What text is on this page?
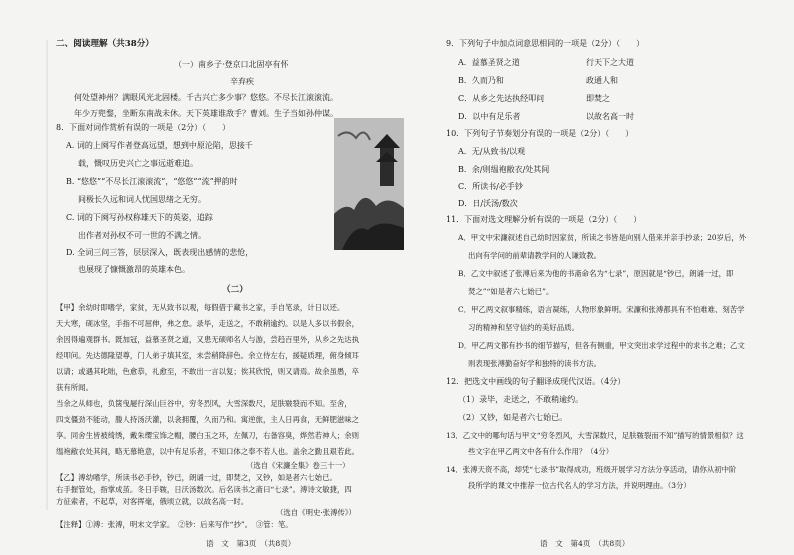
二、阅读理解（共38分）
（一）南乡子·登京口北固亭有怀
辛弃疾
何处望神州？满眼风光北固楼。千古兴亡多少事？悠悠。不尽长江滚滚流。
年少万兜鍪，坐断东南战未休。天下英雄谁敌手？曹刘。生子当如孙仲谋。
8．下面对词作赏析有误的一项是（2分）（　　）
A. 词的上阕写作者登高远望，想到中原沦陷，思接千
载，慨叹历史兴亡之事远逝难追。
B. “悠悠”“不尽长江滚滚流”，“悠悠”“流”押韵时
间极长久远和词人忧国思绪之无穷。
C. 词的下阕写孙权称雄天下的英姿，追踪
出作者对孙权不可一世的不满之情。
D. 全词三问三答，层层深入，既表现出感情的悲怆，
也展现了慷慨激昂的英雄本色。
（二）
【甲】余幼时即嗜学，家贫，无从致书以观，每假借于藏书之家，手自笔录，计日以还。
天大寒，砚冰坚，手指不可屈伸，弗之怠。录毕，走送之，不敢稍逾约。以是人多以书假余，
余因得遍观群书。既加冠，益慕圣贤之道，又患无硕师名人与游，尝趋百里外，从乡之先达执
经叩问。先达德隆望尊，门人弟子填其室，未尝稍降辞色。余立侍左右，援疑质理，俯身倾耳
以请；或遇其叱咄，色愈恭，礼愈至，不敢出一言以复；俟其欣悦，则又请焉。故余虽愚，卒
获有所闻。
当余之从师也，负箧曳屣行深山巨谷中，穷冬烈风，大雪深数尺，足肤皲裂而不知。至舍，
四支僵劲不能动，媵人持汤沃灌，以衾拥覆，久而乃和。寓逆旅，主人日再食，无鲜肥滋味之
享。同舍生皆被绮绣，戴朱缨宝饰之帽，腰白玉之环，左佩刀，右备容臭，烨然若神人；余则
缊袍敝衣处其间，略无慕艳意，以中有足乐者，不知口体之奉不若人也。盖余之勤且艰若此。
（选自《宋濂全集》卷三十一）
【乙】溥幼嗜学，所读书必手钞，钞已，朗诵一过，即焚之，又钞，如是者六七始已。
右手握管处，指掌成茧。冬日手皲，日沃汤数次。后名读书之斋曰“七录”。溥诗文敏捷，四
方征索者，不起草，对客挥毫，俄顷立就，以故名高一时。
（选自《明史·张溥传》）
【注释】①溥：张溥，明末文学家。　②钞：后来写作“抄”。　③管：笔。
语　文　第3页　（共8页）
9．下列句子中加点词意思相同的一项是（2分）（　　）
A．益慕圣贤之道	行天下之大道
B．久而乃和	政通人和
C．从乡之先达执经叩问	即焚之
D．以中有足乐者	以故名高一时
10．下列句子节奏划分有误的一项是（2分）（　　）
A．无/从致书/以观
B．余/则缊袍敝衣/处其间
C．所读书/必手钞
D．日/沃汤/数次
11．下面对选文理解分析有误的一项是（2分）（　　）
A．甲文中宋濂叙述自己幼时因家贫，所读之书皆是向别人借来并亲手抄录；20岁后，外
出向有学问的前辈请教学问的人谦致教。
B．乙文中叙述了张溥后来为他的书斋命名为“七录”，原因就是“钞已，朗诵一过，即
焚之”“如是者六七始已”。
C．甲乙两文叙事精练，语言凝练，人物形象鲜明。宋濂和张溥都具有不怕难难、刻苦学
习的精神和坚守信约的美好品质。
D．甲乙两文都有抄书的细节描写，但各有侧重，甲文突出求学过程中的求书之难；乙文
则表现张溥勤奋好学和独特的读书方法。
12．把选文中画线的句子翻译成现代汉语。（4分）
（1）录毕，走送之，不敢稍逾约。
（2）又钞，如是者六七始已。
13．乙文中的哪句话与甲文“穷冬烈风，大雪深数尺，足肤皲裂而不知”描写的情景相似？这
些文字在甲乙两文中各有什么作用？（4分）
14．张溥天资不高，却凭“七录书”取得成功，班级开展学习方法分享活动，请你从初中阶
段所学的课文中推荐一位古代名人的学习方法，并说明理由。（3分）
语　文　第4页　（共8页）
